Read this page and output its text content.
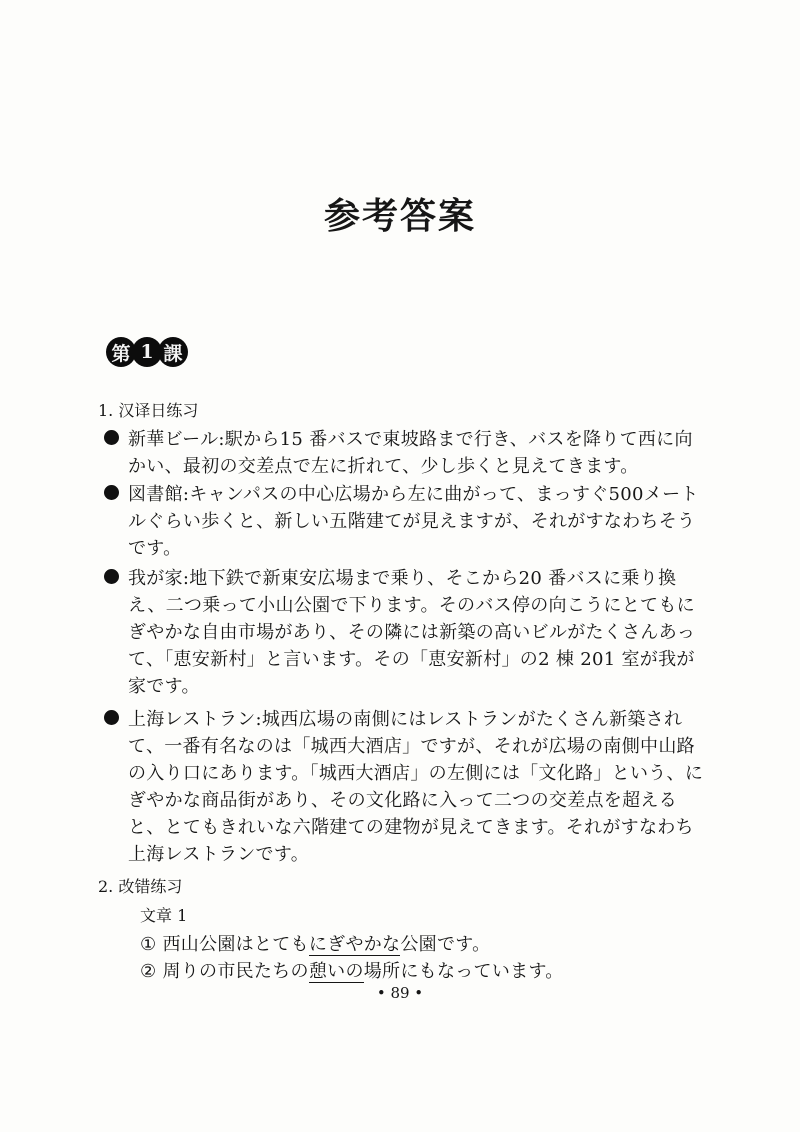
参考答案
第 1 課
1. 汉译日练习
新華ビール:駅から15 番バスで東坡路まで行き、バスを降りて西に向かい、最初の交差点で左に折れて、少し歩くと見えてきます。
図書館:キャンパスの中心広場から左に曲がって、まっすぐ500メートルぐらい歩くと、新しい五階建てが見えますが、それがすなわちそうです。
我が家:地下鉄で新東安広場まで乗り、そこから20 番バスに乗り換え、二つ乗って小山公園で下ります。そのバス停の向こうにとてもにぎやかな自由市場があり、その隣には新築の高いビルがたくさんあって、「恵安新村」と言います。その「恵安新村」の2 棟 201 室が我が家です。
上海レストラン:城西広場の南側にはレストランがたくさん新築されて、一番有名なのは「城西大酒店」ですが、それが広場の南側中山路の入り口にあります。「城西大酒店」の左側には「文化路」という、にぎやかな商品街があり、その文化路に入って二つの交差点を超えると、とてもきれいな六階建ての建物が見えてきます。それがすなわち上海レストランです。
2. 改错练习
文章 1
① 西山公園はとてもにぎやかな公園です。
② 周りの市民たちの憩いの場所にもなっています。
• 89 •
